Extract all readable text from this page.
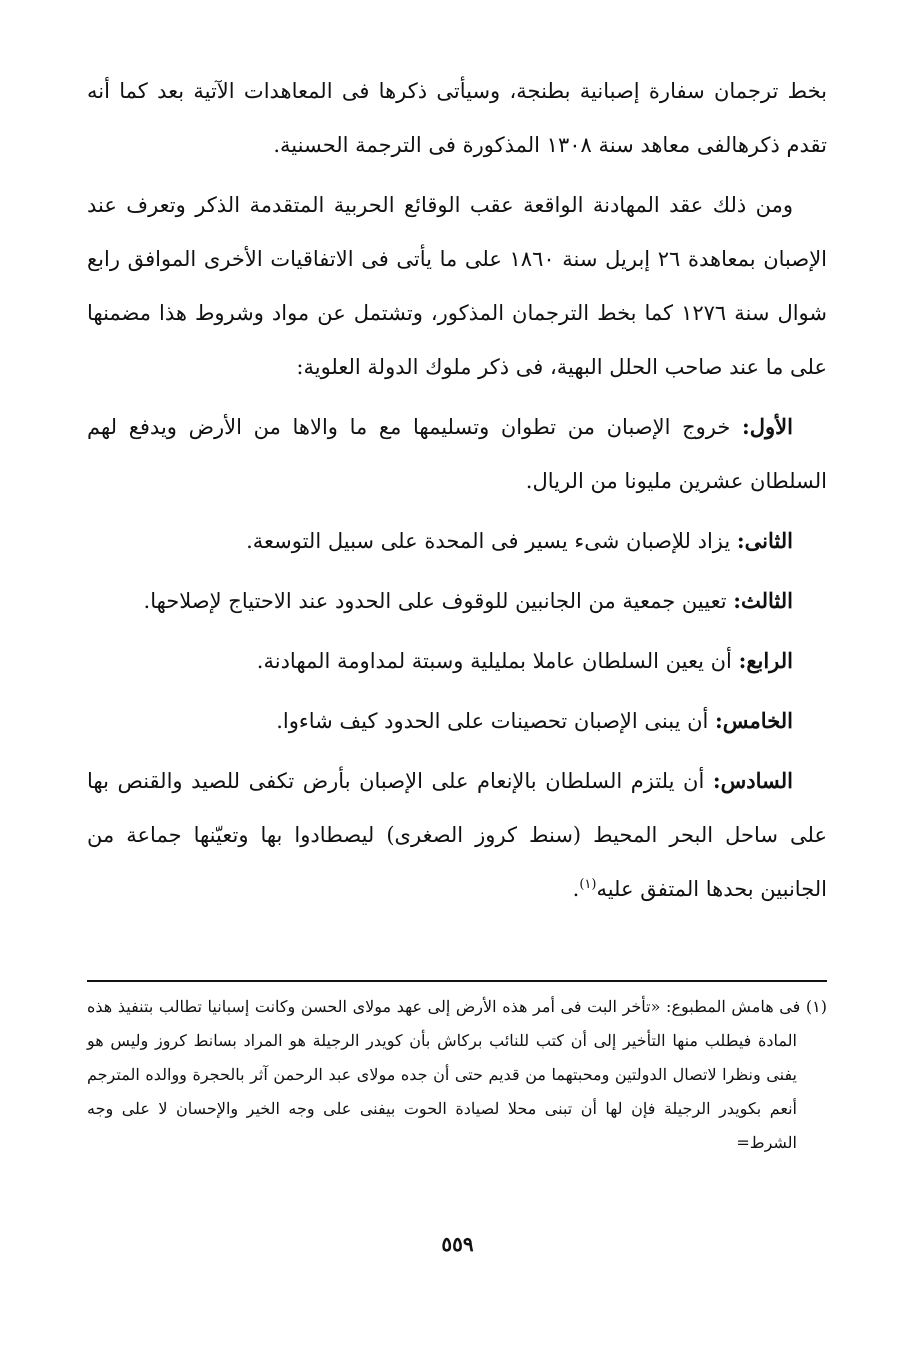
بخط ترجمان سفارة إصبانية بطنجة، وسيأتى ذكرها فى المعاهدات الآتية بعد كما أنه تقدم ذكرهالفى معاهد سنة ١٣٠٨ المذكورة فى الترجمة الحسنية.

ومن ذلك عقد المهادنة الواقعة عقب الوقائع الحربية المتقدمة الذكر وتعرف عند الإصبان بمعاهدة ٢٦ إبريل سنة ١٨٦٠ على ما يأتى فى الاتفاقيات الأخرى الموافق رابع شوال سنة ١٢٧٦ كما بخط الترجمان المذكور، وتشتمل عن مواد وشروط هذا مضمنها على ما عند صاحب الحلل البهية، فى ذكر ملوك الدولة العلوية:

الأول: خروج الإصبان من تطوان وتسليمها مع ما والاها من الأرض ويدفع لهم السلطان عشرين مليونا من الريال.

الثانى: يزاد للإصبان شىء يسير فى المحدة على سبيل التوسعة.

الثالث: تعيين جمعية من الجانبين للوقوف على الحدود عند الاحتياج لإصلاحها.

الرابع: أن يعين السلطان عاملا بمليلية وسبتة لمداومة المهادنة.

الخامس: أن يبنى الإصبان تحصينات على الحدود كيف شاءوا.

السادس: أن يلتزم السلطان بالإنعام على الإصبان بأرض تكفى للصيد والقنص بها على ساحل البحر المحيط (سنط كروز الصغرى) ليصطادوا بها وتعيّنها جماعة من الجانبين بحدها المتفق عليه$^{(١)}$.

(١) فى هامش المطبوع: «تأخر البت فى أمر هذه الأرض إلى عهد مولاى الحسن وكانت إسبانيا تطالب بتنفيذ هذه المادة فيطلب منها التأخير إلى أن كتب للنائب بركاش بأن كويدر الرجيلة هو المراد بسانط كروز وليس هو يفنى ونظرا لاتصال الدولتين ومحبتهما من قديم حتى أن جده مولاى عبد الرحمن آثر بالحجرة ووالده المترجم أنعم بكويدر الرجيلة فإن لها أن تبنى محلا لصيادة الحوت بيفنى على وجه الخير والإحسان لا على وجه الشرط=

٥٥٩
